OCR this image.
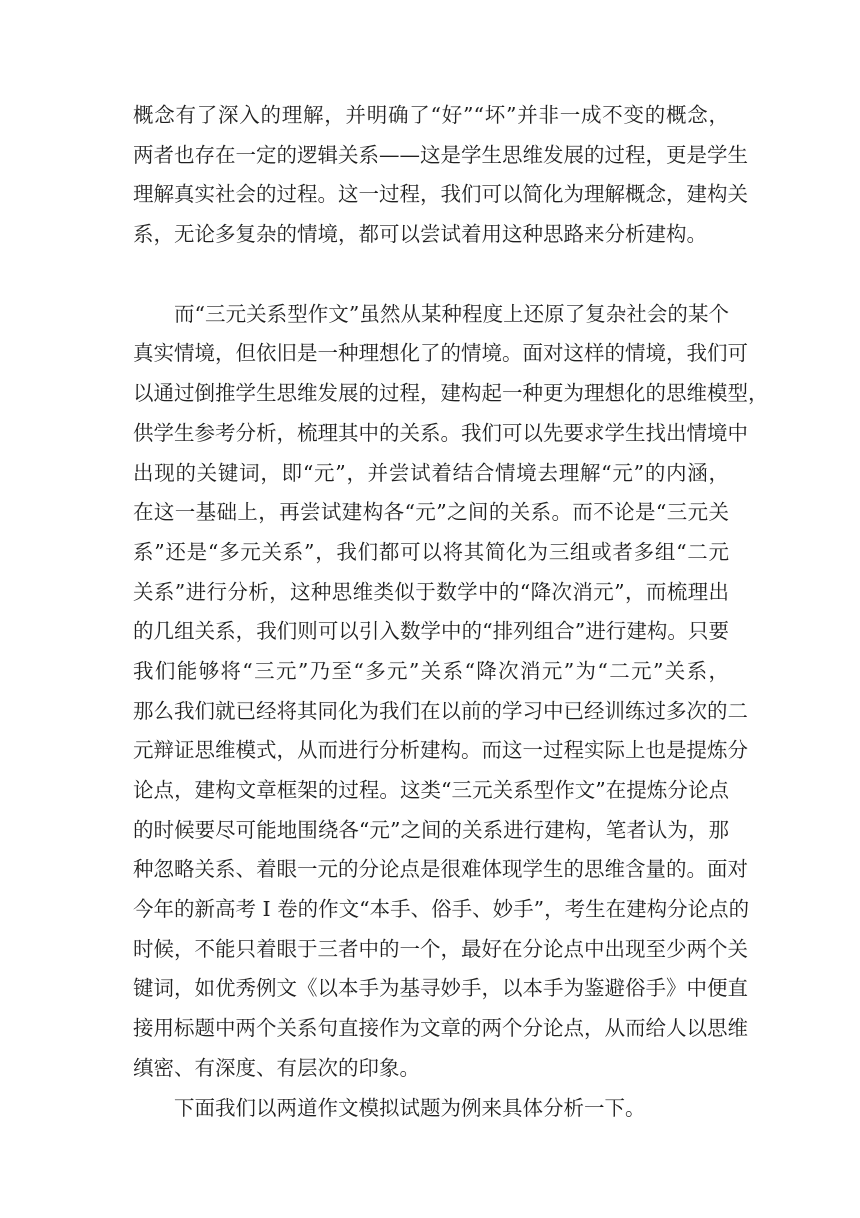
概念有了深入的理解，并明确了“好”“坏”并非一成不变的概念，
两者也存在一定的逻辑关系——这是学生思维发展的过程，更是学生
理解真实社会的过程。这一过程，我们可以简化为理解概念，建构关
系，无论多复杂的情境，都可以尝试着用这种思路来分析建构。
而“三元关系型作文”虽然从某种程度上还原了复杂社会的某个
真实情境，但依旧是一种理想化了的情境。面对这样的情境，我们可
以通过倒推学生思维发展的过程，建构起一种更为理想化的思维模型，
供学生参考分析，梳理其中的关系。我们可以先要求学生找出情境中
出现的关键词，即“元”，并尝试着结合情境去理解“元”的内涵，
在这一基础上，再尝试建构各“元”之间的关系。而不论是“三元关
系”还是“多元关系”，我们都可以将其简化为三组或者多组“二元
关系”进行分析，这种思维类似于数学中的“降次消元”，而梳理出
的几组关系，我们则可以引入数学中的“排列组合”进行建构。只要
我们能够将“三元”乃至“多元”关系“降次消元”为“二元”关系，
那么我们就已经将其同化为我们在以前的学习中已经训练过多次的二
元辩证思维模式，从而进行分析建构。而这一过程实际上也是提炼分
论点，建构文章框架的过程。这类“三元关系型作文”在提炼分论点
的时候要尽可能地围绕各“元”之间的关系进行建构，笔者认为，那
种忽略关系、着眼一元的分论点是很难体现学生的思维含量的。面对
今年的新高考 I 卷的作文“本手、俗手、妙手”，考生在建构分论点的
时候，不能只着眼于三者中的一个，最好在分论点中出现至少两个关
键词，如优秀例文《以本手为基寻妙手，以本手为鉴避俗手》中便直
接用标题中两个关系句直接作为文章的两个分论点，从而给人以思维
缜密、有深度、有层次的印象。
下面我们以两道作文模拟试题为例来具体分析一下。
